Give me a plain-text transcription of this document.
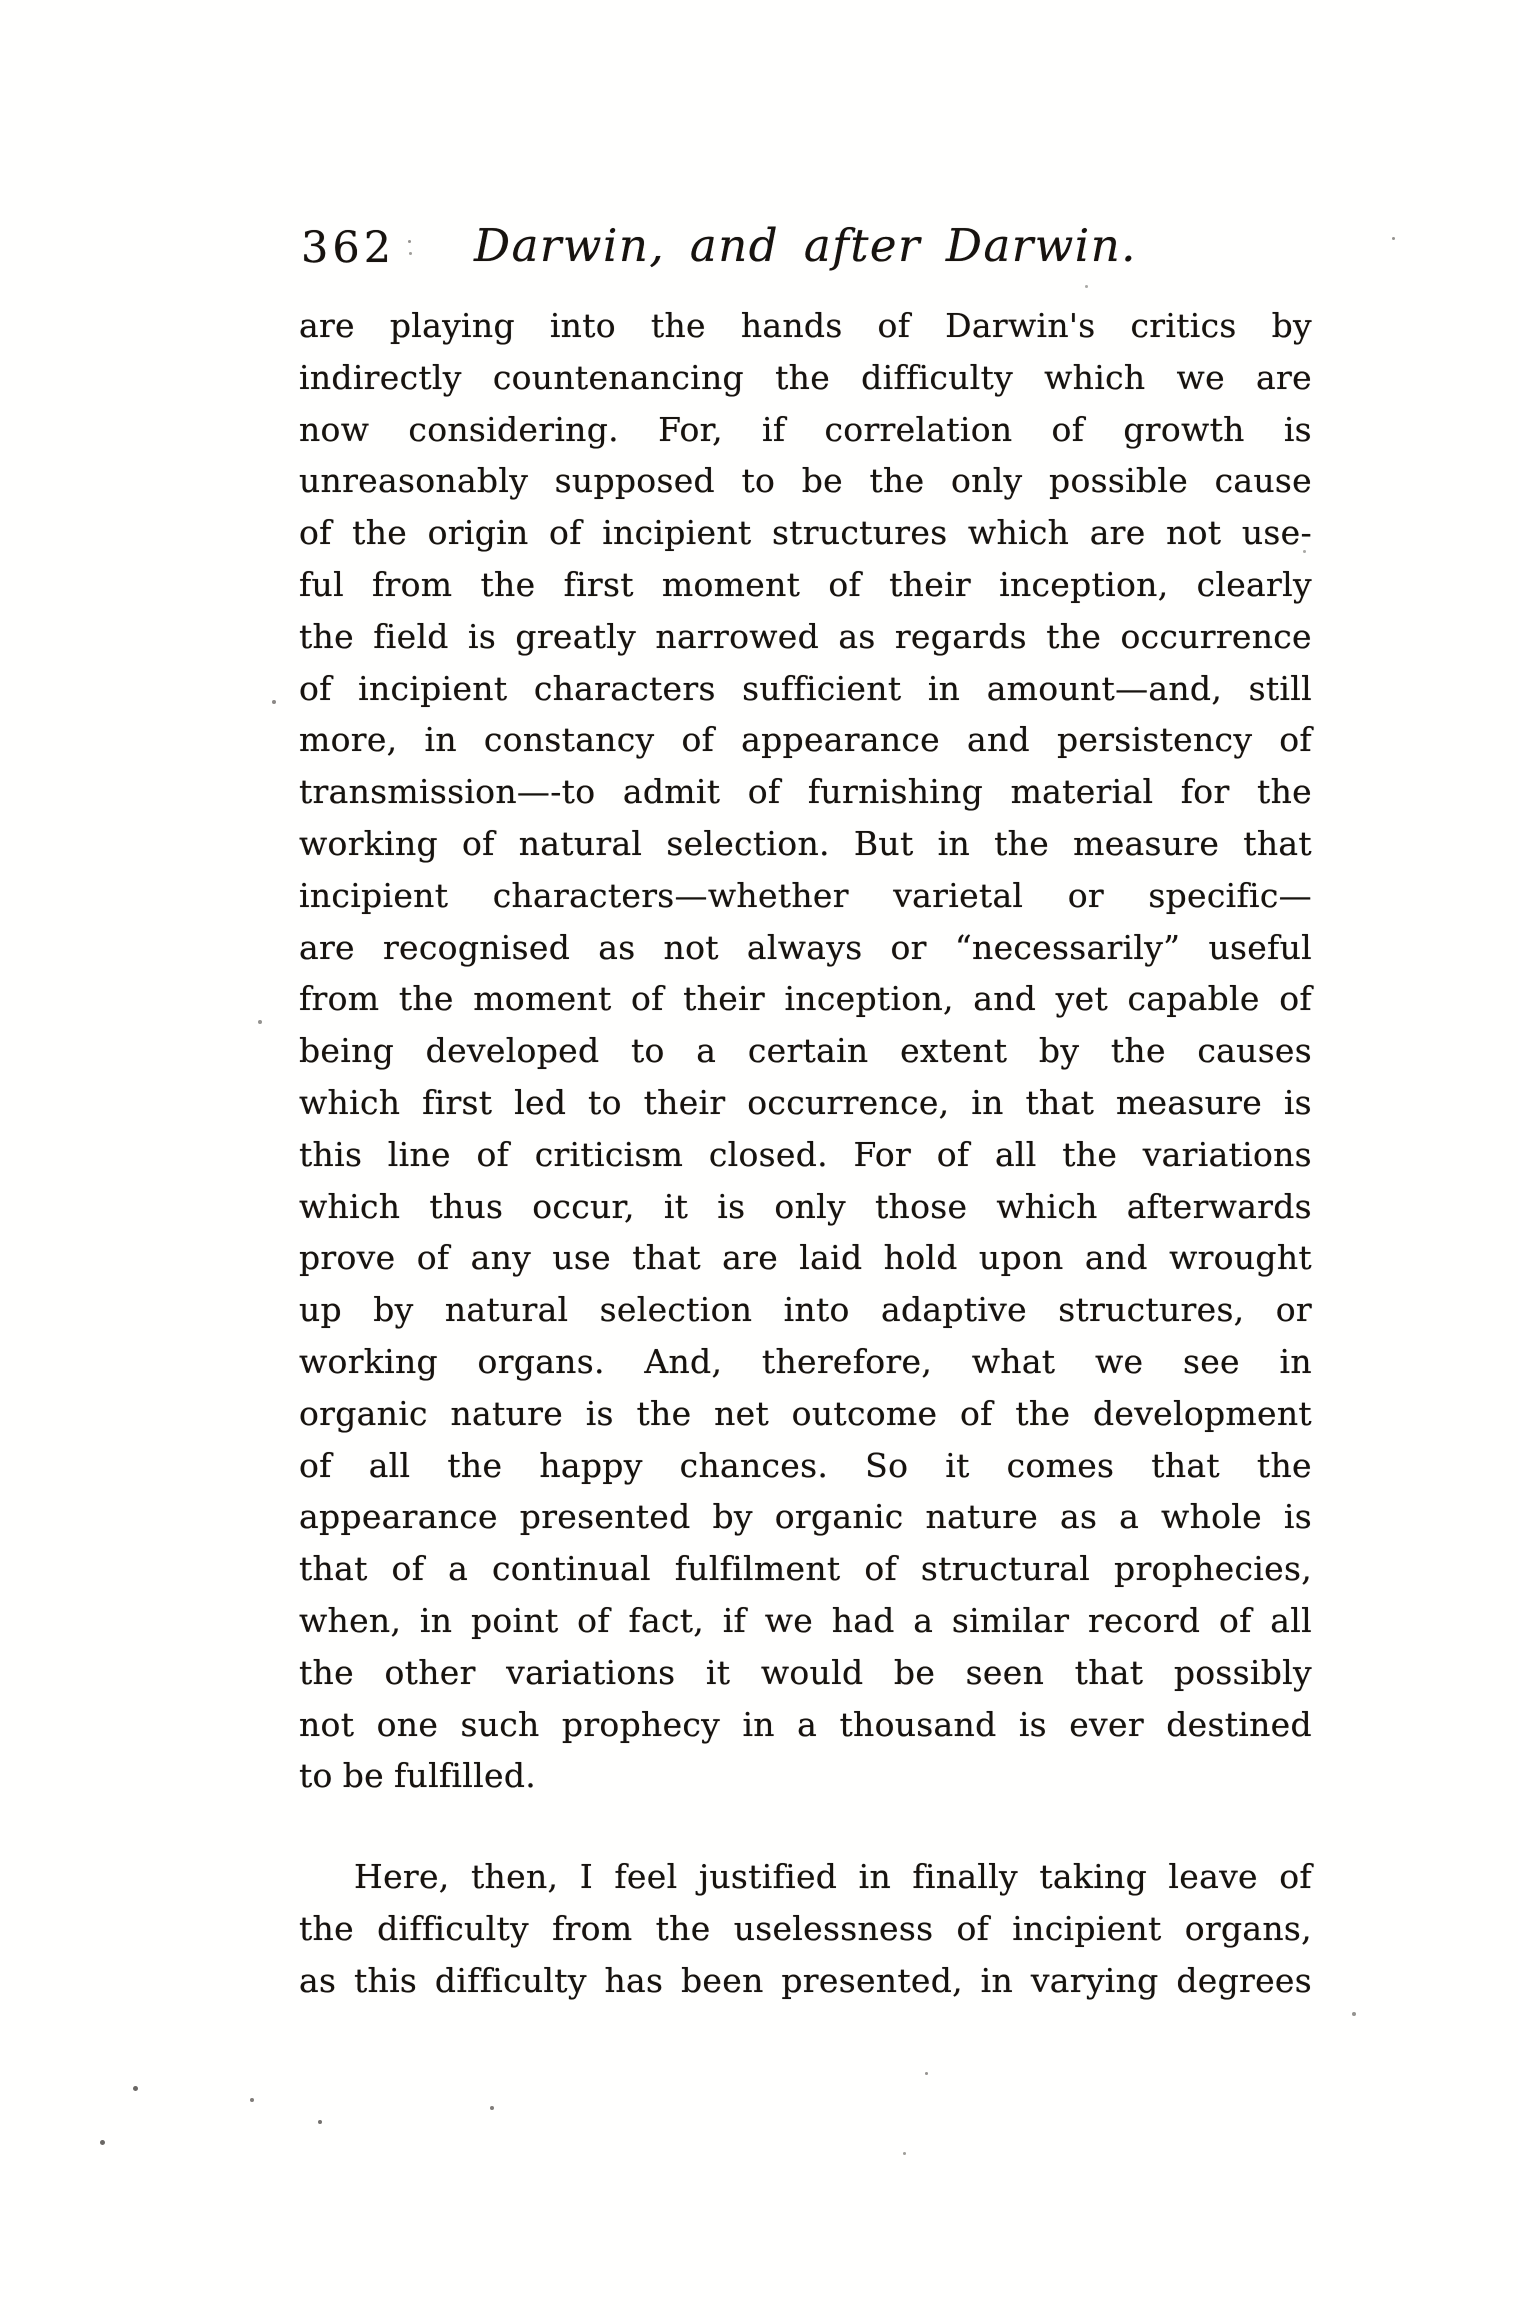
362 Darwin, and after Darwin.
are playing into the hands of Darwin's critics by
indirectly countenancing the difficulty which we are
now considering. For, if correlation of growth is
unreasonably supposed to be the only possible cause
of the origin of incipient structures which are not use-
ful from the first moment of their inception, clearly
the field is greatly narrowed as regards the occurrence
of incipient characters sufficient in amount—and, still
more, in constancy of appearance and persistency of
transmission—-to admit of furnishing material for the
working of natural selection. But in the measure that
incipient characters—whether varietal or specific—
are recognised as not always or “necessarily” useful
from the moment of their inception, and yet capable of
being developed to a certain extent by the causes
which first led to their occurrence, in that measure is
this line of criticism closed. For of all the variations
which thus occur, it is only those which afterwards
prove of any use that are laid hold upon and wrought
up by natural selection into adaptive structures, or
working organs. And, therefore, what we see in
organic nature is the net outcome of the development
of all the happy chances. So it comes that the
appearance presented by organic nature as a whole is
that of a continual fulfilment of structural prophecies,
when, in point of fact, if we had a similar record of all
the other variations it would be seen that possibly
not one such prophecy in a thousand is ever destined
to be fulfilled.
Here, then, I feel justified in finally taking leave of
the difficulty from the uselessness of incipient organs,
as this difficulty has been presented, in varying degrees
